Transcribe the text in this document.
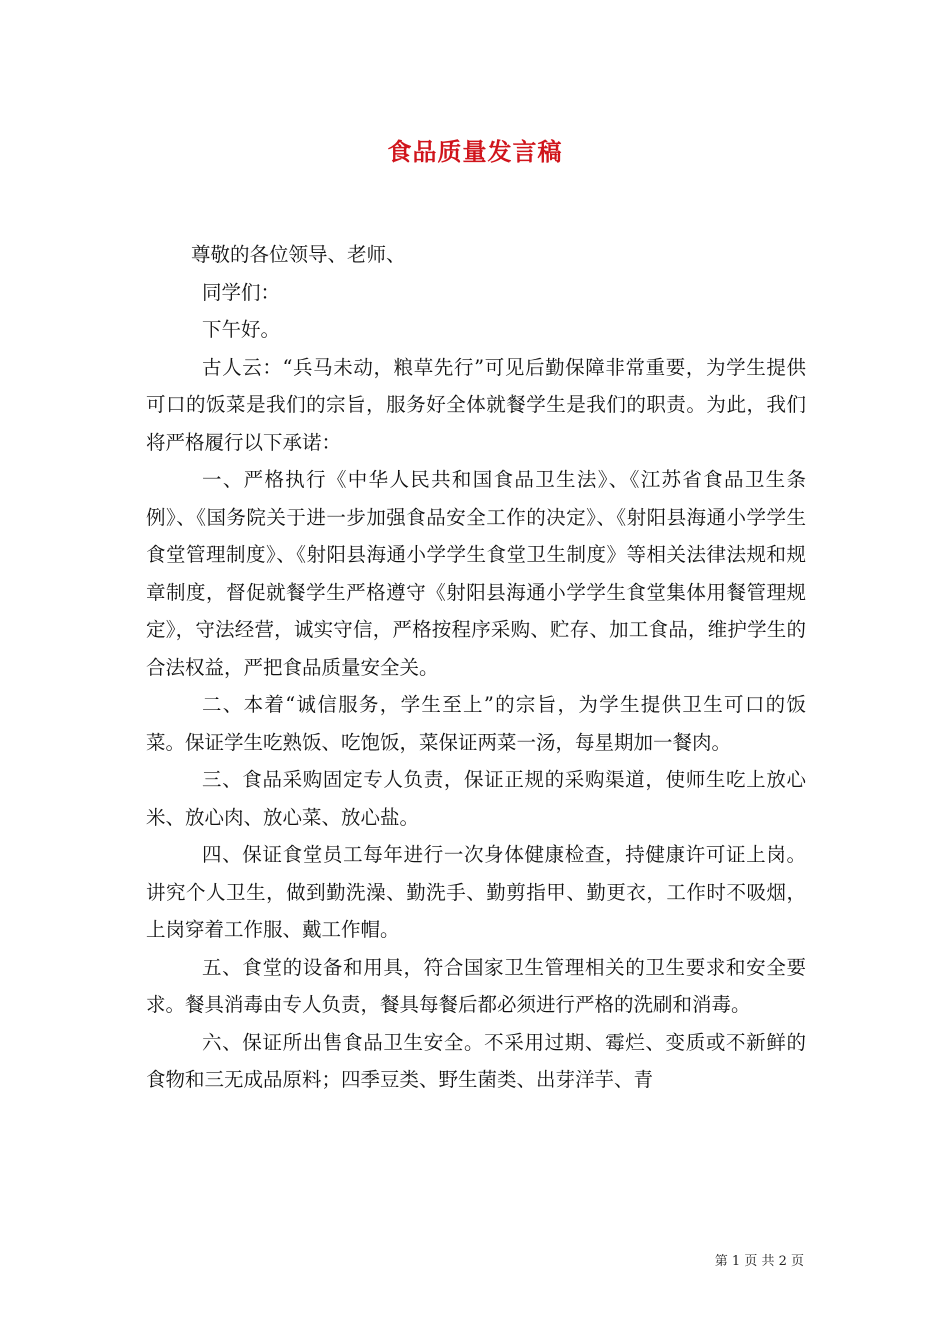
食品质量发言稿

尊敬的各位领导、老师、

同学们：

下午好。

古人云：“兵马未动，粮草先行”可见后勤保障非常重要，为学生提供可口的饭菜是我们的宗旨，服务好全体就餐学生是我们的职责。为此，我们将严格履行以下承诺：

一、严格执行《中华人民共和国食品卫生法》、《江苏省食品卫生条例》、《国务院关于进一步加强食品安全工作的决定》、《射阳县海通小学学生食堂管理制度》、《射阳县海通小学学生食堂卫生制度》等相关法律法规和规章制度，督促就餐学生严格遵守《射阳县海通小学学生食堂集体用餐管理规定》，守法经营，诚实守信，严格按程序采购、贮存、加工食品，维护学生的合法权益，严把食品质量安全关。

二、本着“诚信服务，学生至上”的宗旨，为学生提供卫生可口的饭菜。保证学生吃熟饭、吃饱饭，菜保证两菜一汤，每星期加一餐肉。

三、食品采购固定专人负责，保证正规的采购渠道，使师生吃上放心米、放心肉、放心菜、放心盐。

四、保证食堂员工每年进行一次身体健康检查，持健康许可证上岗。讲究个人卫生，做到勤洗澡、勤洗手、勤剪指甲、勤更衣，工作时不吸烟，上岗穿着工作服、戴工作帽。

五、食堂的设备和用具，符合国家卫生管理相关的卫生要求和安全要求。餐具消毒由专人负责，餐具每餐后都必须进行严格的洗刷和消毒。

六、保证所出售食品卫生安全。不采用过期、霉烂、变质或不新鲜的食物和三无成品原料；四季豆类、野生菌类、出芽洋芋、青

第 1 页 共 2 页
